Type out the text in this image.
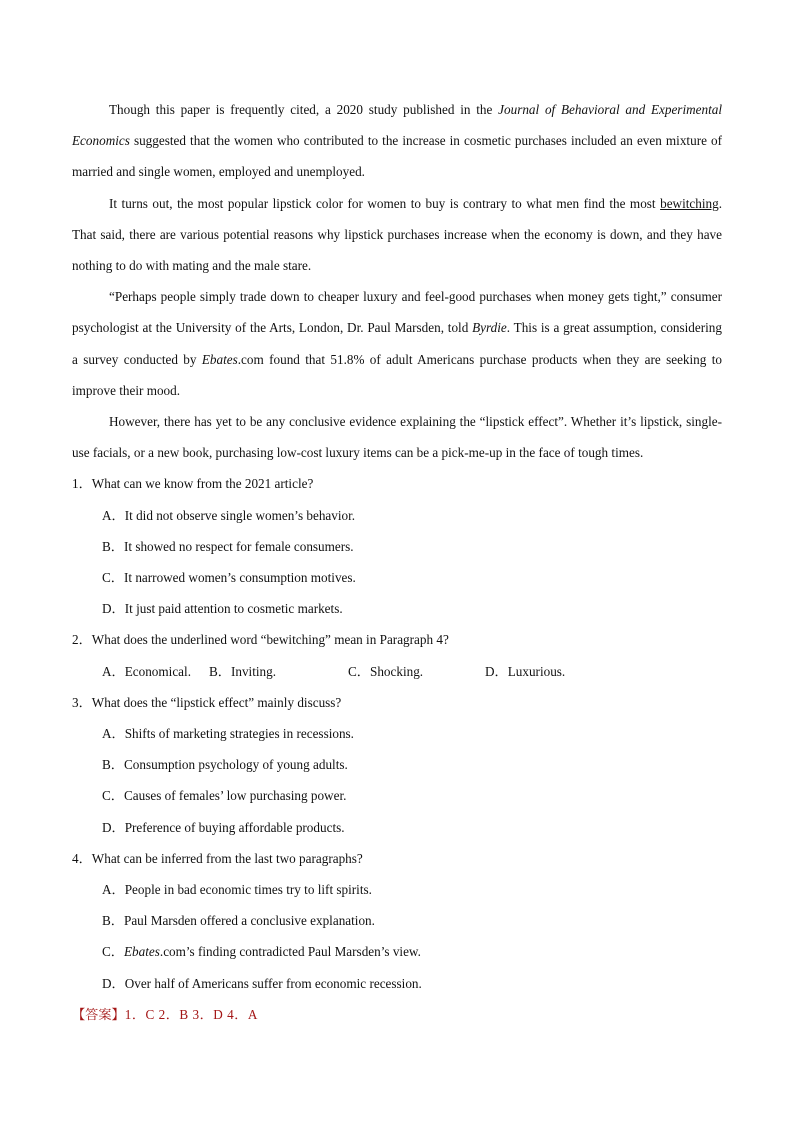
Though this paper is frequently cited, a 2020 study published in the Journal of Behavioral and Experimental Economics suggested that the women who contributed to the increase in cosmetic purchases included an even mixture of married and single women, employed and unemployed.

It turns out, the most popular lipstick color for women to buy is contrary to what men find the most bewitching. That said, there are various potential reasons why lipstick purchases increase when the economy is down, and they have nothing to do with mating and the male stare.

“Perhaps people simply trade down to cheaper luxury and feel-good purchases when money gets tight,” consumer psychologist at the University of the Arts, London, Dr. Paul Marsden, told Byrdie. This is a great assumption, considering a survey conducted by Ebates.com found that 51.8% of adult Americans purchase products when they are seeking to improve their mood.

However, there has yet to be any conclusive evidence explaining the “lipstick effect”. Whether it’s lipstick, single-use facials, or a new book, purchasing low-cost luxury items can be a pick-me-up in the face of tough times.

1．What can we know from the 2021 article?

A．It did not observe single women’s behavior.

B．It showed no respect for female consumers.

C．It narrowed women’s consumption motives.

D．It just paid attention to cosmetic markets.

2．What does the underlined word “bewitching” mean in Paragraph 4?

A．Economical.	B．Inviting.	C．Shocking.	D．Luxurious.

3．What does the “lipstick effect” mainly discuss?

A．Shifts of marketing strategies in recessions.

B．Consumption psychology of young adults.

C．Causes of females’ low purchasing power.

D．Preference of buying affordable products.

4．What can be inferred from the last two paragraphs?

A．People in bad economic times try to lift spirits.

B．Paul Marsden offered a conclusive explanation.

C．Ebates.com’s finding contradicted Paul Marsden’s view.

D．Over half of Americans suffer from economic recession.

【答案】1．C 2．B 3．D 4．A
